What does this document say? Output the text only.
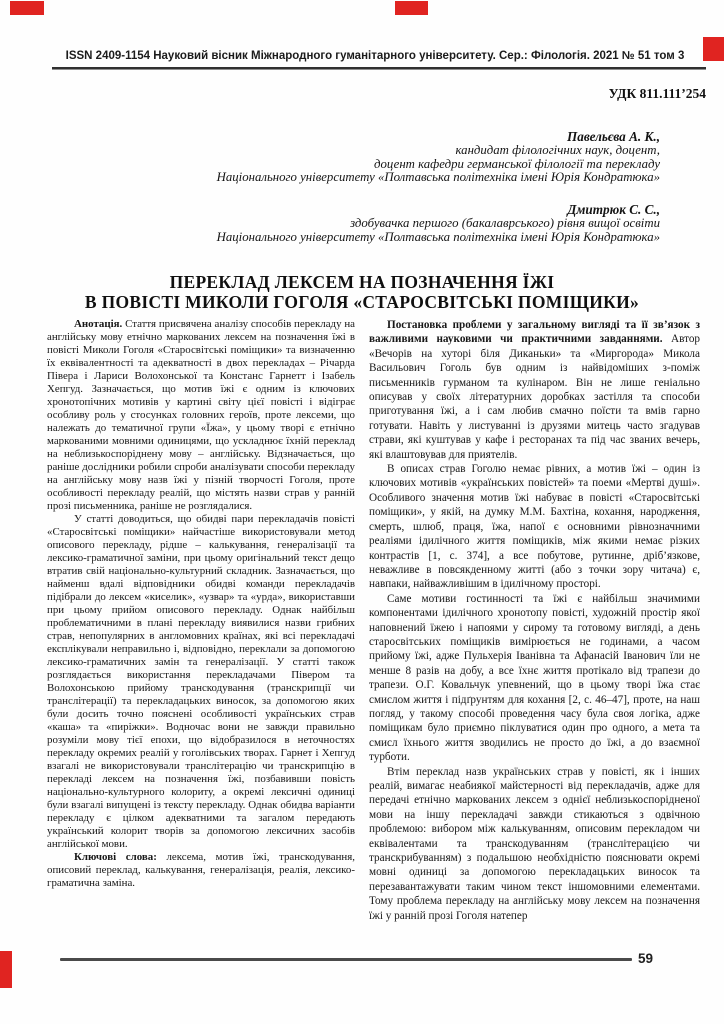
ISSN 2409-1154 Науковий вісник Міжнародного гуманітарного університету. Сер.: Філологія. 2021 № 51 том 3
УДК 811.111’254
Павельєва А. К.,
кандидат філологічних наук, доцент,
доцент кафедри германської філології та перекладу
Національного університету «Полтавська політехніка імені Юрія Кондратюка»
Дмитрюк С. С.,
здобувачка першого (бакалаврського) рівня вищої освіти
Національного університету «Полтавська політехніка імені Юрія Кондратюка»
ПЕРЕКЛАД ЛЕКСЕМ НА ПОЗНАЧЕННЯ ЇЖІ
В ПОВІСТІ МИКОЛИ ГОГОЛЯ «СТАРОСВІТСЬКІ ПОМІЩИКИ»

Анотація. Стаття присвячена аналізу способів перекладу на англійську мову етнічно маркованих лексем на позначення їжі в повісті Миколи Гоголя «Старосвітські поміщики» та визначенню їх еквівалентності та адекватності в двох перекладах – Річарда Півера і Лариси Волохонської та Констанс Гарнетт і Ізабель Хепгуд. Зазначається, що мотив їжі є одним із ключових хронотопічних мотивів у картині світу цієї повісті і відіграє особливу роль у стосунках головних героїв, проте лексеми, що належать до тематичної групи «Їжа», у цьому творі є етнічно маркованими мовними одиницями, що ускладнює їхній переклад на неблизькоспоріднену мову – англійську. Відзначається, що раніше дослідники робили спроби аналізувати способи перекладу на англійську мову назв їжі у пізній творчості Гоголя, проте особливості перекладу реалій, що містять назви страв у ранній прозі письменника, раніше не розглядалися.

У статті доводиться, що обидві пари перекладачів повісті «Старосвітські поміщики» найчастіше використовували метод описового перекладу, рідше – калькування, генералізації та лексико-граматичної заміни, при цьому оригінальний текст дещо втратив свій національно-культурний складник. Зазначається, що найменш вдалі відповідники обидві команди перекладачів підібрали до лексем «киселик», «узвар» та «урда», використавши при цьому прийом описового перекладу. Однак найбільш проблематичними в плані перекладу виявилися назви грибних страв, непопулярних в англомовних країнах, які всі перекладачі експлікували неправильно і, відповідно, переклали за допомогою лексико-граматичних замін та генералізації. У статті також розглядається використання перекладачами Півером та Волохонською прийому транскодування (транскрипції чи транслітерації) та перекладацьких виносок, за допомогою яких були досить точно пояснені особливості українських страв «каша» та «пиріжки». Водночас вони не завжди правильно розуміли мову тієї епохи, що відобразилося в неточностях перекладу окремих реалій у гоголівських творах. Гарнет і Хепгуд взагалі не використовували транслітерацію чи транскрипцію в перекладі лексем на позначення їжі, позбавивши повість національно-культурного колориту, а окремі лексичні одиниці були взагалі випущені із тексту перекладу. Однак обидва варіанти перекладу є цілком адекватними та загалом передають український колорит творів за допомогою лексичних засобів англійської мови.

Ключові слова: лексема, мотив їжі, транскодування, описовий переклад, калькування, генералізація, реалія, лексико-граматична заміна.

Постановка проблеми у загальному вигляді та її зв’язок з важливими науковими чи практичними завданнями. Автор «Вечорів на хуторі біля Диканьки» та «Миргорода» Микола Васильович Гоголь був одним із найвідоміших з-поміж письменників гурманом та кулінаром. Він не лише геніально описував у своїх літературних доробках застілля та способи приготування їжі, а і сам любив смачно поїсти та вмів гарно готувати. Навіть у листуванні із друзями митець часто згадував страви, які куштував у кафе і ресторанах та під час званих вечерь, які влаштовував для приятелів.

В описах страв Гоголю немає рівних, а мотив їжі – один із ключових мотивів «українських повістей» та поеми «Мертві душі». Особливого значення мотив їжі набуває в повісті «Старосвітські поміщики», у якій, на думку М.М. Бахтіна, кохання, народження, смерть, шлюб, праця, їжа, напої є основними рівнозначними реаліями ідилічного життя поміщиків, між якими немає різких контрастів [1, с. 374], а все побутове, рутинне, дріб’язкове, неважливе в повсякденному житті (або з точки зору читача) є, навпаки, найважливішим в ідилічному просторі.

Саме мотиви гостинності та їжі є найбільш значимими компонентами ідилічного хронотопу повісті, художній простір якої наповнений їжею і напоями у сирому та готовому вигляді, а день старосвітських поміщиків вимірюється не годинами, а часом прийому їжі, адже Пульхерія Іванівна та Афанасій Іванович їли не менше 8 разів на добу, а все їхнє життя протікало від трапези до трапези. О.Г. Ковальчук упевнений, що в цьому творі їжа стає смислом життя і підґрунтям для кохання [2, с. 46–47], проте, на наш погляд, у такому способі проведення часу була своя логіка, адже поміщикам було приємно піклуватися один про одного, а мета та смисл їхнього життя зводились не просто до їжі, а до взаємної турботи.

Втім переклад назв українських страв у повісті, як і інших реалій, вимагає неабиякої майстерності від перекладачів, адже для передачі етнічно маркованих лексем з однієї неблизькоспорідненої мови на іншу перекладачі завжди стикаються з одвічною проблемою: вибором між калькуванням, описовим перекладом чи еквівалентами та транскодуванням (транслітерацією чи транскрибуванням) з подальшою необхідністю пояснювати окремі мовні одиниці за допомогою перекладацьких виносок та перезавантажувати таким чином текст іншомовними елементами. Тому проблема перекладу на англійську мову лексем на позначення їжі у ранній прозі Гоголя натепер

59
